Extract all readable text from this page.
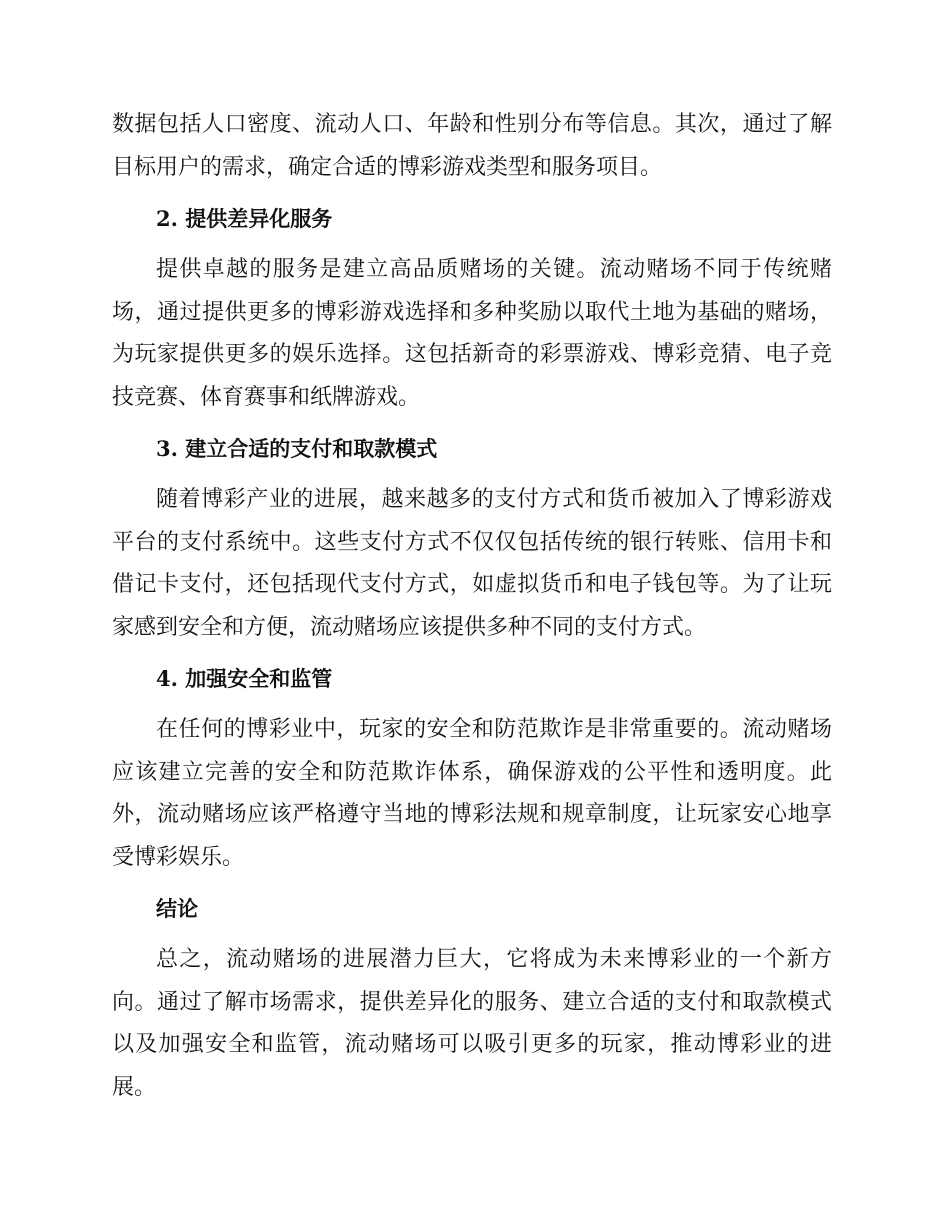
数据包括人口密度、流动人口、年龄和性别分布等信息。其次，通过了解目标用户的需求，确定合适的博彩游戏类型和服务项目。

2. 提供差异化服务

提供卓越的服务是建立高品质赌场的关键。流动赌场不同于传统赌场，通过提供更多的博彩游戏选择和多种奖励以取代土地为基础的赌场，为玩家提供更多的娱乐选择。这包括新奇的彩票游戏、博彩竞猜、电子竞技竞赛、体育赛事和纸牌游戏。

3. 建立合适的支付和取款模式

随着博彩产业的进展，越来越多的支付方式和货币被加入了博彩游戏平台的支付系统中。这些支付方式不仅仅包括传统的银行转账、信用卡和借记卡支付，还包括现代支付方式，如虚拟货币和电子钱包等。为了让玩家感到安全和方便，流动赌场应该提供多种不同的支付方式。

4. 加强安全和监管

在任何的博彩业中，玩家的安全和防范欺诈是非常重要的。流动赌场应该建立完善的安全和防范欺诈体系，确保游戏的公平性和透明度。此外，流动赌场应该严格遵守当地的博彩法规和规章制度，让玩家安心地享受博彩娱乐。

结论

总之，流动赌场的进展潜力巨大，它将成为未来博彩业的一个新方向。通过了解市场需求，提供差异化的服务、建立合适的支付和取款模式以及加强安全和监管，流动赌场可以吸引更多的玩家，推动博彩业的进展。
